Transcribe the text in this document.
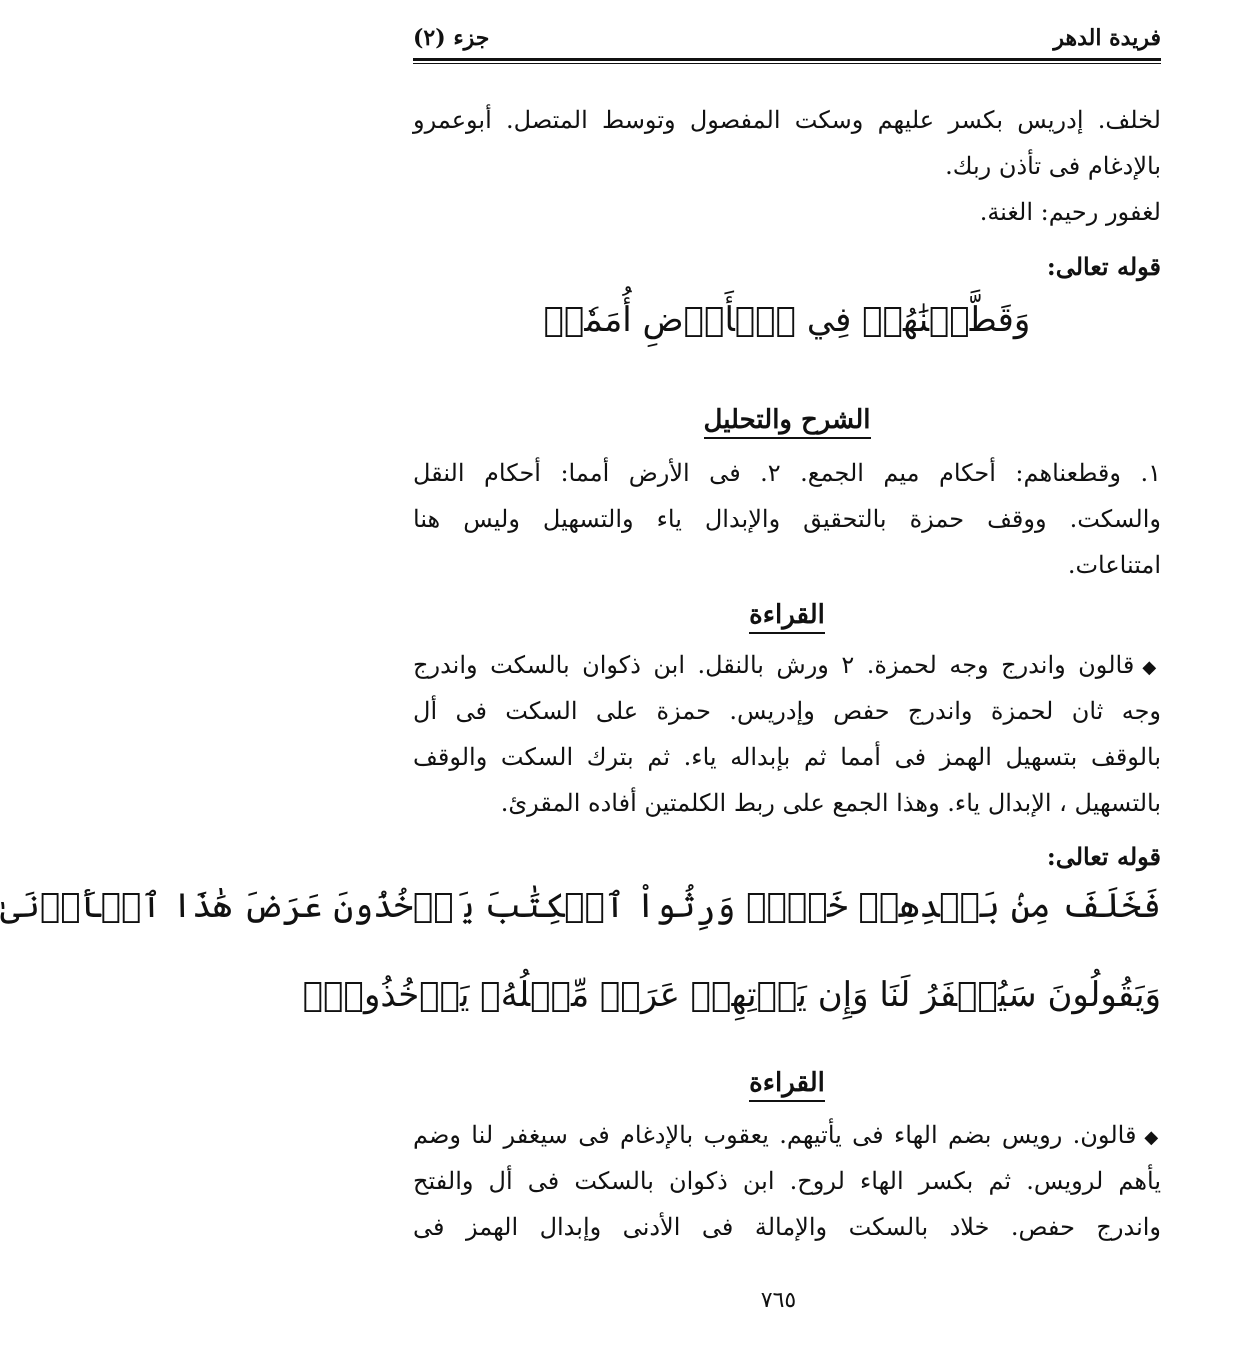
فريدة الدهر
جزء (٢)
لخلف. إدريس بكسر عليهم وسكت المفصول وتوسط المتصل. أبوعمرو
بالإدغام فى تأذن ربك.
لغفور رحيم: الغنة.
قوله تعالى:
وَقَطَّعۡنَٰهُمۡ فِي ٱلۡأَرۡضِ أُمَمٗاۖ
الشرح والتحليل
١. وقطعناهم: أحكام ميم الجمع. ٢. فى الأرض أمما: أحكام النقل
والسكت. ووقف حمزة بالتحقيق والإبدال ياء والتسهيل وليس هنا
امتناعات.
القراءة
◆قالون واندرج وجه لحمزة. ٢ ورش بالنقل. ابن ذكوان بالسكت واندرج
وجه ثان لحمزة واندرج حفص وإدريس. حمزة على السكت فى أل
بالوقف بتسهيل الهمز فى أمما ثم بإبداله ياء. ثم بترك السكت والوقف
بالتسهيل ، الإبدال ياء. وهذا الجمع على ربط الكلمتين أفاده المقرئ.
قوله تعالى:
فَخَلَفَ مِنۢ بَعۡدِهِمۡ خَلۡفٞ وَرِثُواْ ٱلۡكِتَٰبَ يَأۡخُذُونَ عَرَضَ هَٰذَا ٱلۡأَدۡنَىٰ
وَيَقُولُونَ سَيُغۡفَرُ لَنَا وَإِن يَأۡتِهِمۡ عَرَضٞ مِّثۡلُهُۥ يَأۡخُذُوهُۚ
القراءة
◆قالون. رويس بضم الهاء فى يأتيهم. يعقوب بالإدغام فى سيغفر لنا وضم
يأهم لرويس. ثم بكسر الهاء لروح. ابن ذكوان بالسكت فى أل والفتح
واندرج حفص. خلاد بالسكت والإمالة فى الأدنى وإبدال الهمز فى
٧٦٥
